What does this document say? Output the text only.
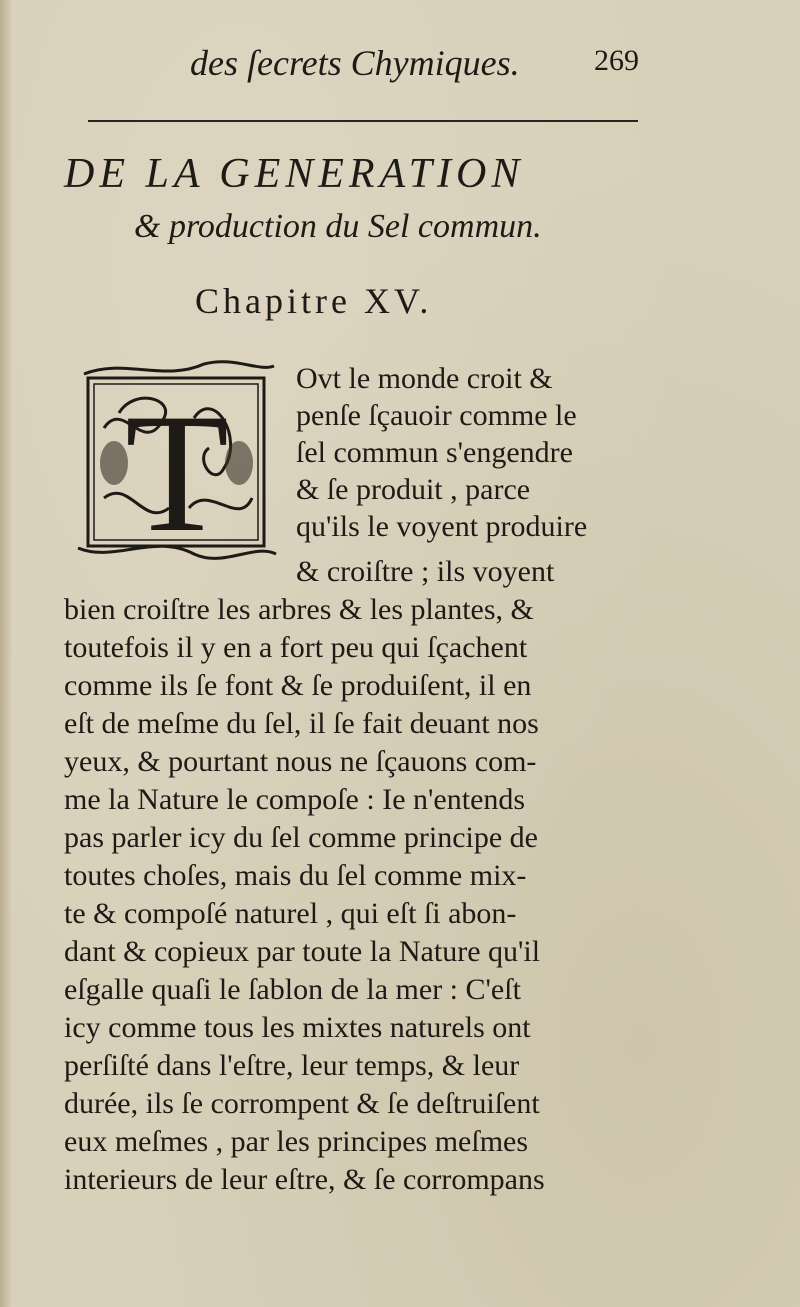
des ſecrets Chymiques. 269
DE LA GENERATION
& production du Sel commun.
Chapitre XV.
T
Ovt le monde croit &
penſe ſçauoir comme le
ſel commun s'engendre
& ſe produit , parce
qu'ils le voyent produire
& croiſtre ; ils voyent
bien croiſtre les arbres & les plantes, &
toutefois il y en a fort peu qui ſçachent
comme ils ſe font & ſe produiſent, il en
eſt de meſme du ſel, il ſe fait deuant nos
yeux, & pourtant nous ne ſçauons com-
me la Nature le compoſe : Ie n'entends
pas parler icy du ſel comme principe de
toutes choſes, mais du ſel comme mix-
te & compoſé naturel , qui eſt ſi abon-
dant & copieux par toute la Nature qu'il
eſgalle quaſi le ſablon de la mer : C'eſt
icy comme tous les mixtes naturels ont
perſiſté dans l'eſtre, leur temps, & leur
durée, ils ſe corrompent & ſe deſtruiſent
eux meſmes , par les principes meſmes
interieurs de leur eſtre, & ſe corrompans
